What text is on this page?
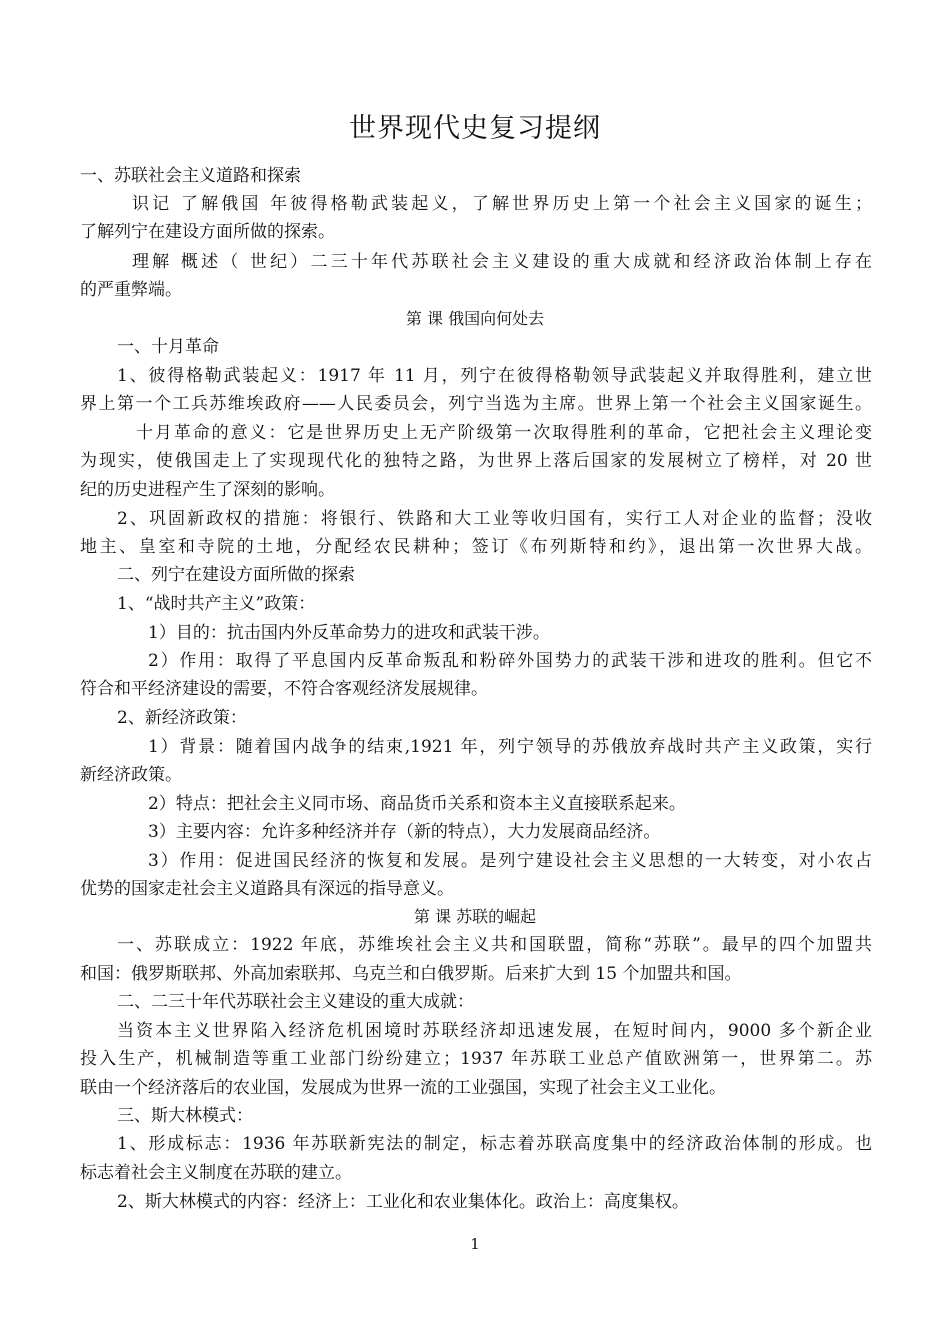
世界现代史复习提纲
一、苏联社会主义道路和探索
识记 了解俄国 年彼得格勒武装起义，了解世界历史上第一个社会主义国家的诞生；
了解列宁在建设方面所做的探索。
理解 概述（ 世纪）二三十年代苏联社会主义建设的重大成就和经济政治体制上存在
的严重弊端。
第 课 俄国向何处去
一、十月革命
1、彼得格勒武装起义：1917 年 11 月，列宁在彼得格勒领导武装起义并取得胜利，建立世
界上第一个工兵苏维埃政府——人民委员会，列宁当选为主席。世界上第一个社会主义国家诞生。
十月革命的意义：它是世界历史上无产阶级第一次取得胜利的革命，它把社会主义理论变
为现实，使俄国走上了实现现代化的独特之路，为世界上落后国家的发展树立了榜样，对 20 世
纪的历史进程产生了深刻的影响。
2、巩固新政权的措施：将银行、铁路和大工业等收归国有，实行工人对企业的监督；没收
地主、皇室和寺院的土地，分配经农民耕种；签订《布列斯特和约》，退出第一次世界大战。
二、列宁在建设方面所做的探索
1、“战时共产主义”政策：
1）目的：抗击国内外反革命势力的进攻和武装干涉。
2）作用：取得了平息国内反革命叛乱和粉碎外国势力的武装干涉和进攻的胜利。但它不
符合和平经济建设的需要，不符合客观经济发展规律。
2、新经济政策：
1）背景：随着国内战争的结束,1921 年，列宁领导的苏俄放弃战时共产主义政策，实行
新经济政策。
2）特点：把社会主义同市场、商品货币关系和资本主义直接联系起来。
3）主要内容：允许多种经济并存（新的特点），大力发展商品经济。
3）作用：促进国民经济的恢复和发展。是列宁建设社会主义思想的一大转变，对小农占
优势的国家走社会主义道路具有深远的指导意义。
第 课 苏联的崛起
一、苏联成立：1922 年底，苏维埃社会主义共和国联盟，简称“苏联”。最早的四个加盟共
和国：俄罗斯联邦、外高加索联邦、乌克兰和白俄罗斯。后来扩大到 15 个加盟共和国。
二、二三十年代苏联社会主义建设的重大成就：
当资本主义世界陷入经济危机困境时苏联经济却迅速发展，在短时间内，9000 多个新企业
投入生产，机械制造等重工业部门纷纷建立；1937 年苏联工业总产值欧洲第一，世界第二。苏
联由一个经济落后的农业国，发展成为世界一流的工业强国，实现了社会主义工业化。
三、斯大林模式：
1、形成标志：1936 年苏联新宪法的制定，标志着苏联高度集中的经济政治体制的形成。也
标志着社会主义制度在苏联的建立。
2、斯大林模式的内容：经济上：工业化和农业集体化。政治上：高度集权。
1
